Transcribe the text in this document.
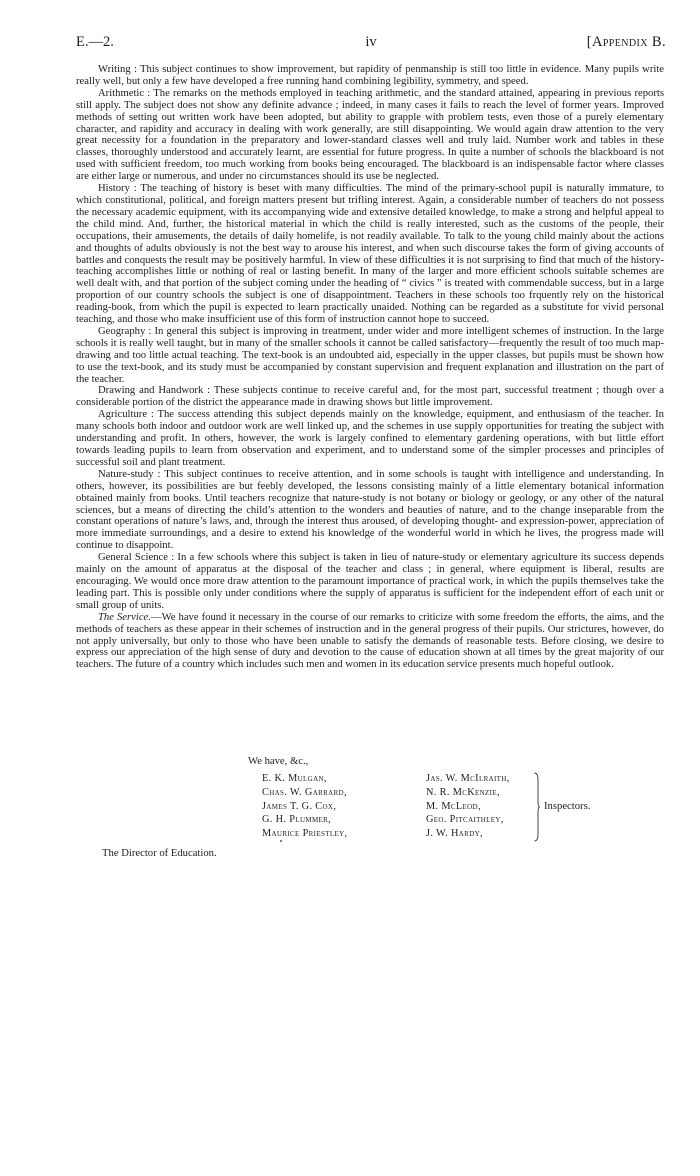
E.—2.	iv	[Appendix B.

Writing : This subject continues to show improvement, but rapidity of penmanship is still too little in evidence. Many pupils write really well, but only a few have developed a free running hand combining legibility, symmetry, and speed.

Arithmetic : The remarks on the methods employed in teaching arithmetic, and the standard attained, appearing in previous reports still apply. The subject does not show any definite advance ; indeed, in many cases it fails to reach the level of former years. Improved methods of setting out written work have been adopted, but ability to grapple with problem tests, even those of a purely elementary character, and rapidity and accuracy in dealing with work generally, are still disappointing. We would again draw attention to the very great necessity for a foundation in the preparatory and lower-standard classes well and truly laid. Number work and tables in these classes, thoroughly understood and accurately learnt, are essential for future progress. In quite a number of schools the blackboard is not used with sufficient freedom, too much working from books being encouraged. The blackboard is an indispensable factor where classes are either large or numerous, and under no circumstances should its use be neglected.

History : The teaching of history is beset with many difficulties. The mind of the primary-school pupil is naturally immature, to which constitutional, political, and foreign matters present but trifling interest. Again, a considerable number of teachers do not possess the necessary academic equipment, with its accompanying wide and extensive detailed knowledge, to make a strong and helpful appeal to the child mind. And, further, the historical material in which the child is really interested, such as the customs of the people, their occupations, their amusements, the details of daily homelife, is not readily available. To talk to the young child mainly about the actions and thoughts of adults obviously is not the best way to arouse his interest, and when such discourse takes the form of giving accounts of battles and conquests the result may be positively harmful. In view of these difficulties it is not surprising to find that much of the history-teaching accomplishes little or nothing of real or lasting benefit. In many of the larger and more efficient schools suitable schemes are well dealt with, and that portion of the subject coming under the heading of “ civics ” is treated with commendable success, but in a large proportion of our country schools the subject is one of disappointment. Teachers in these schools too frquently rely on the historical reading-book, from which the pupil is expected to learn practically unaided. Nothing can be regarded as a substitute for vivid personal teaching, and those who make insufficient use of this form of instruction cannot hope to succeed.

Geography : In general this subject is improving in treatment, under wider and more intelligent schemes of instruction. In the large schools it is really well taught, but in many of the smaller schools it cannot be called satisfactory—frequently the result of too much map-drawing and too little actual teaching. The text-book is an undoubted aid, especially in the upper classes, but pupils must be shown how to use the text-book, and its study must be accompanied by constant supervision and frequent explanation and illustration on the part of the teacher.

Drawing and Handwork : These subjects continue to receive careful and, for the most part, successful treatment ; though over a considerable portion of the district the appearance made in drawing shows but little improvement.

Agriculture : The success attending this subject depends mainly on the knowledge, equipment, and enthusiasm of the teacher. In many schools both indoor and outdoor work are well linked up, and the schemes in use supply opportunities for treating the subject with understanding and profit. In others, however, the work is largely confined to elementary gardening operations, with but little effort towards leading pupils to learn from observation and experiment, and to understand some of the simpler processes and principles of successful soil and plant treatment.

Nature-study : This subject continues to receive attention, and in some schools is taught with intelligence and understanding. In others, however, its possibilities are but feebly developed, the lessons consisting mainly of a little elementary botanical information obtained mainly from books. Until teachers recognize that nature-study is not botany or biology or geology, or any other of the natural sciences, but a means of directing the child’s attention to the wonders and beauties of nature, and to the change inseparable from the constant operations of nature’s laws, and, through the interest thus aroused, of developing thought- and expression-power, appreciation of more immediate surroundings, and a desire to extend his knowledge of the wonderful world in which he lives, the progress made will continue to disappoint.

General Science : In a few schools where this subject is taken in lieu of nature-study or elementary agriculture its success depends mainly on the amount of apparatus at the disposal of the teacher and class ; in general, where equipment is liberal, results are encouraging. We would once more draw attention to the paramount importance of practical work, in which the pupils themselves take the leading part. This is possible only under conditions where the supply of apparatus is sufficient for the independent effort of each unit or small group of units.

The Service.—We have found it necessary in the course of our remarks to criticize with some freedom the efforts, the aims, and the methods of teachers as these appear in their schemes of instruction and in the general progress of their pupils. Our strictures, however, do not apply universally, but only to those who have been unable to satisfy the demands of reasonable tests. Before closing, we desire to express our appreciation of the high sense of duty and devotion to the cause of education shown at all times by the great majority of our teachers. The future of a country which includes such men and women in its education service presents much hopeful outlook.

We have, &c.,
E. K. Mulgan,
Chas. W. Garrard,
James T. G. Cox,
G. H. Plummer,
Maurice Priestley,
Jas. W. McIlraith,
N. R. McKenzie,
M. McLeod,
Geo. Pitcaithley,
J. W. Hardy,
Inspectors.
The Director of Education.
